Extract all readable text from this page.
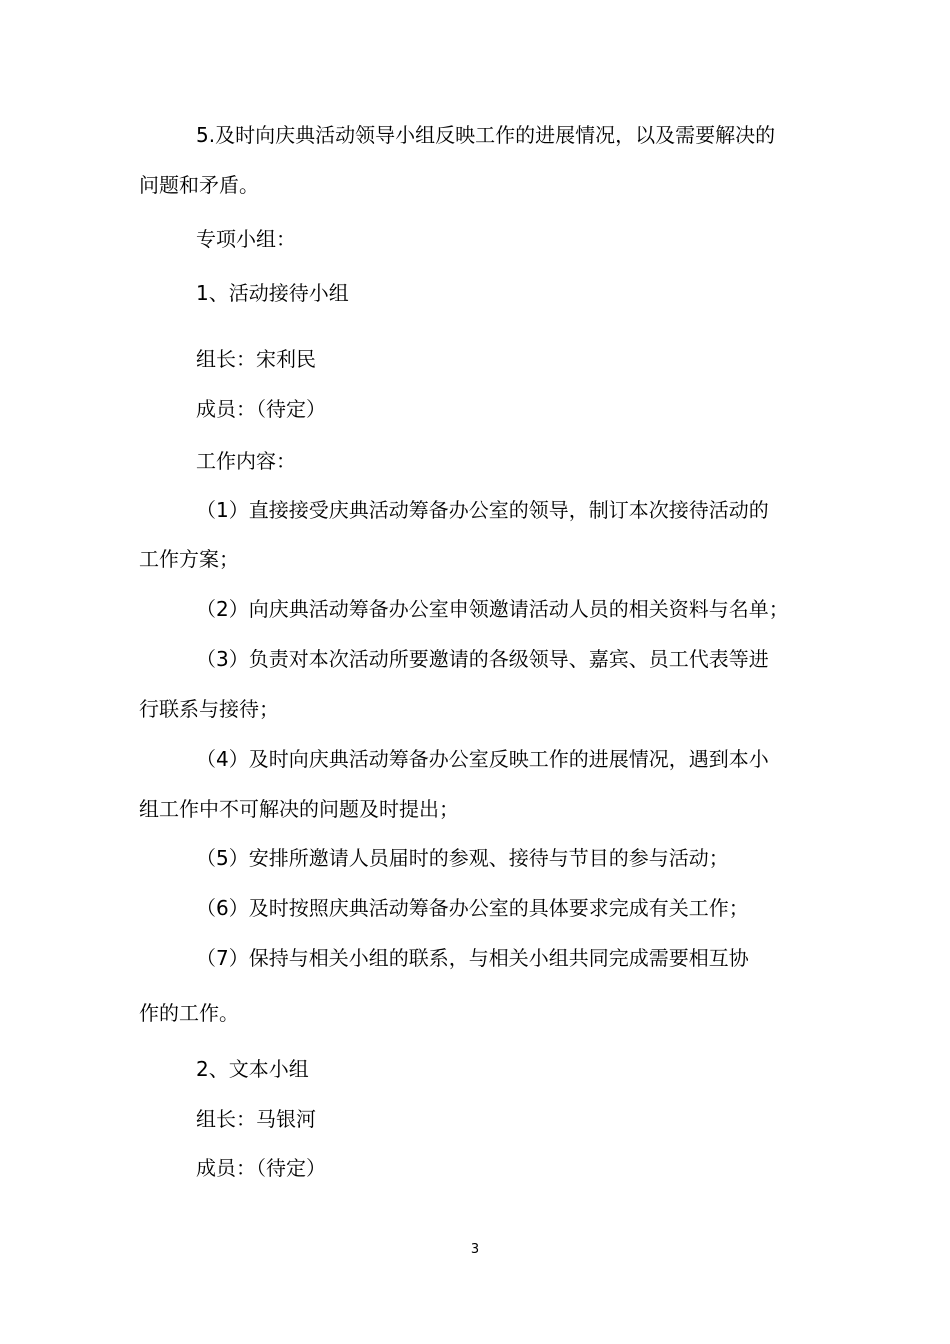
5.及时向庆典活动领导小组反映工作的进展情况，以及需要解决的
问题和矛盾。
专项小组：
1、活动接待小组
组长：宋利民
成员：（待定）
工作内容：
（1）直接接受庆典活动筹备办公室的领导，制订本次接待活动的
工作方案；
（2）向庆典活动筹备办公室申领邀请活动人员的相关资料与名单；
（3）负责对本次活动所要邀请的各级领导、嘉宾、员工代表等进
行联系与接待；
（4）及时向庆典活动筹备办公室反映工作的进展情况，遇到本小
组工作中不可解决的问题及时提出；
（5）安排所邀请人员届时的参观、接待与节目的参与活动；
（6）及时按照庆典活动筹备办公室的具体要求完成有关工作；
（7）保持与相关小组的联系，与相关小组共同完成需要相互协
作的工作。
2、文本小组
组长：马银河
成员：（待定）
3
